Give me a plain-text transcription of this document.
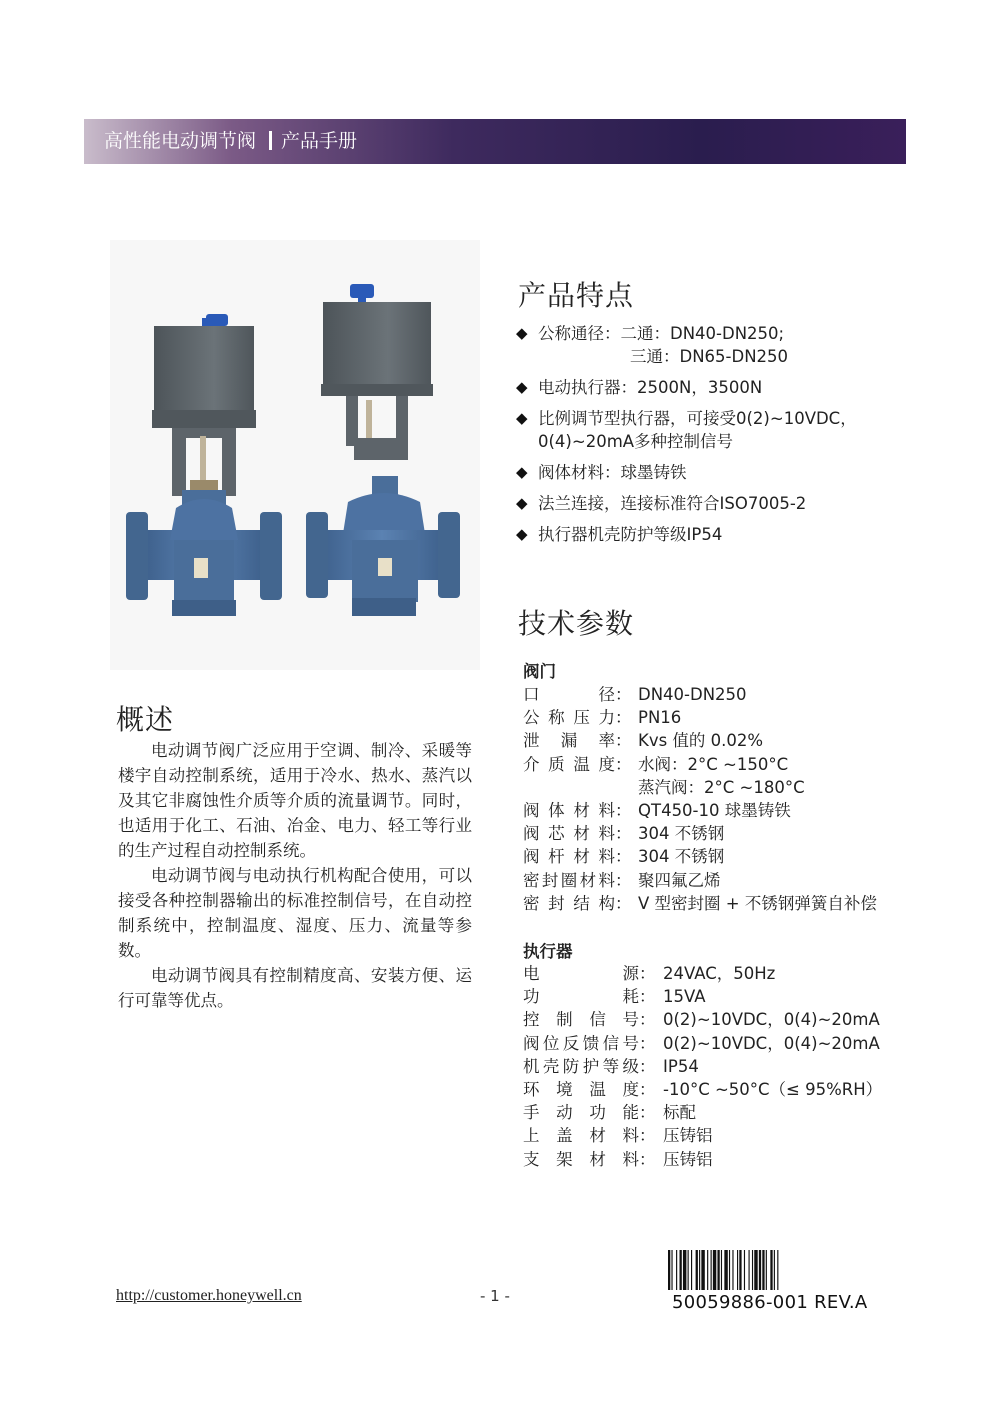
高性能电动调节阀 产品手册
产品特点
◆ 公称通径：二通：DN40-DN250;
三通：DN65-DN250
◆ 电动执行器：2500N，3500N
◆ 比例调节型执行器，可接受0(2)~10VDC，
0(4)~20mA多种控制信号
◆ 阀体材料：球墨铸铁
◆ 法兰连接，连接标准符合ISO7005-2
◆ 执行器机壳防护等级IP54
技术参数
阀门
口径： DN40-DN250
公称压力： PN16
泄漏率： Kvs 值的 0.02%
介质温度： 水阀：2°C ~150°C
蒸汽阀：2°C ~180°C
阀体材料： QT450-10 球墨铸铁
阀芯材料： 304 不锈钢
阀杆材料： 304 不锈钢
密封圈材料： 聚四氟乙烯
密封结构： V 型密封圈 + 不锈钢弹簧自补偿
执行器
电源： 24VAC，50Hz
功耗： 15VA
控制信号： 0(2)~10VDC，0(4)~20mA
阀位反馈信号： 0(2)~10VDC，0(4)~20mA
机壳防护等级： IP54
环境温度： -10°C ~50°C（≤ 95%RH）
手动功能： 标配
上盖材料： 压铸铝
支架材料： 压铸铝
概述

电动调节阀广泛应用于空调、制冷、采暖等楼宇自动控制系统，适用于冷水、热水、蒸汽以及其它非腐蚀性介质等介质的流量调节。同时，也适用于化工、石油、冶金、电力、轻工等行业的生产过程自动控制系统。

电动调节阀与电动执行机构配合使用，可以接受各种控制器输出的标准控制信号，在自动控制系统中，控制温度、湿度、压力、流量等参数。

电动调节阀具有控制精度高、安装方便、运行可靠等优点。

http://customer.honeywell.cn	- 1 -	50059886-001 REV.A
